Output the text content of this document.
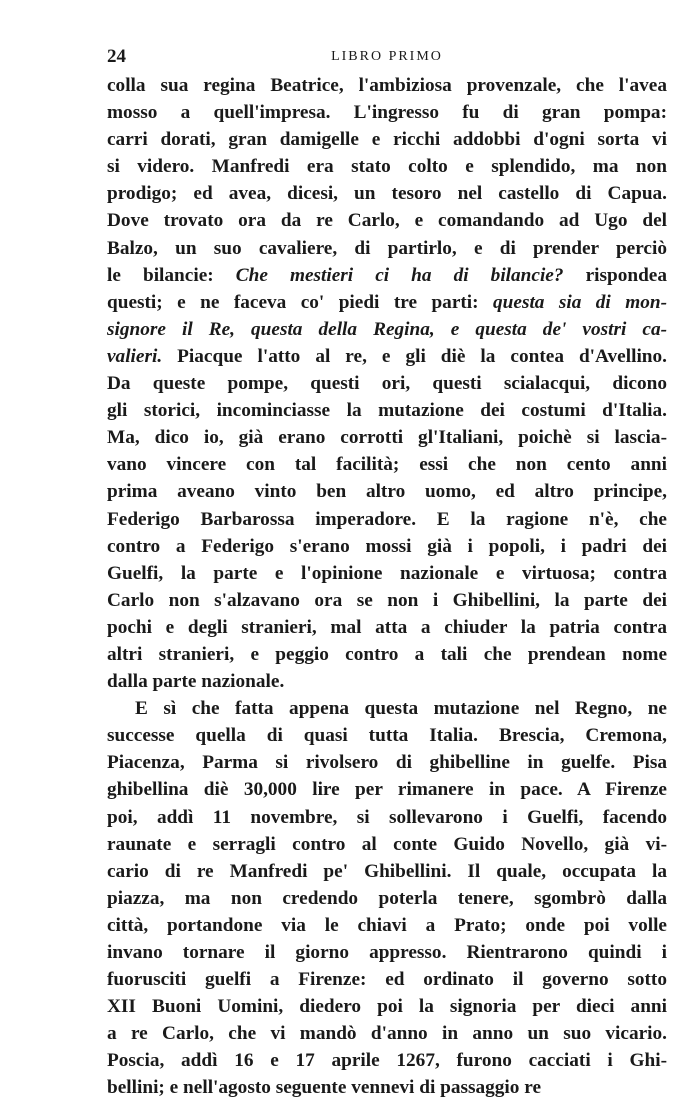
24	LIBRO PRIMO
colla sua regina Beatrice, l'ambiziosa provenzale, che l'avea
mosso a quell'impresa. L'ingresso fu di gran pompa:
carri dorati, gran damigelle e ricchi addobbi d'ogni sorta vi
si videro. Manfredi era stato colto e splendido, ma non
prodigo; ed avea, dicesi, un tesoro nel castello di Capua.
Dove trovato ora da re Carlo, e comandando ad Ugo del
Balzo, un suo cavaliere, di partirlo, e di prender perciò
le bilancie: Che mestieri ci ha di bilancie? rispondea
questi; e ne faceva co' piedi tre parti: questa sia di mon-
signore il Re, questa della Regina, e questa de' vostri ca-
valieri. Piacque l'atto al re, e gli diè la contea d'Avellino.
Da queste pompe, questi ori, questi scialacqui, dicono
gli storici, incominciasse la mutazione dei costumi d'Italia.
Ma, dico io, già erano corrotti gl'Italiani, poichè si lascia-
vano vincere con tal facilità; essi che non cento anni
prima aveano vinto ben altro uomo, ed altro principe,
Federigo Barbarossa imperadore. E la ragione n'è, che
contro a Federigo s'erano mossi già i popoli, i padri dei
Guelfi, la parte e l'opinione nazionale e virtuosa; contra
Carlo non s'alzavano ora se non i Ghibellini, la parte dei
pochi e degli stranieri, mal atta a chiuder la patria contra
altri stranieri, e peggio contro a tali che prendean nome
dalla parte nazionale.
E sì che fatta appena questa mutazione nel Regno, ne
successe quella di quasi tutta Italia. Brescia, Cremona,
Piacenza, Parma si rivolsero di ghibelline in guelfe. Pisa
ghibellina diè 30,000 lire per rimanere in pace. A Firenze
poi, addì 11 novembre, si sollevarono i Guelfi, facendo
raunate e serragli contro al conte Guido Novello, già vi-
cario di re Manfredi pe' Ghibellini. Il quale, occupata la
piazza, ma non credendo poterla tenere, sgombrò dalla
città, portandone via le chiavi a Prato; onde poi volle
invano tornare il giorno appresso. Rientrarono quindi i
fuorusciti guelfi a Firenze: ed ordinato il governo sotto
XII Buoni Uomini, diedero poi la signoria per dieci anni
a re Carlo, che vi mandò d'anno in anno un suo vicario.
Poscia, addì 16 e 17 aprile 1267, furono cacciati i Ghi-
bellini; e nell'agosto seguente vennevi di passaggio re
